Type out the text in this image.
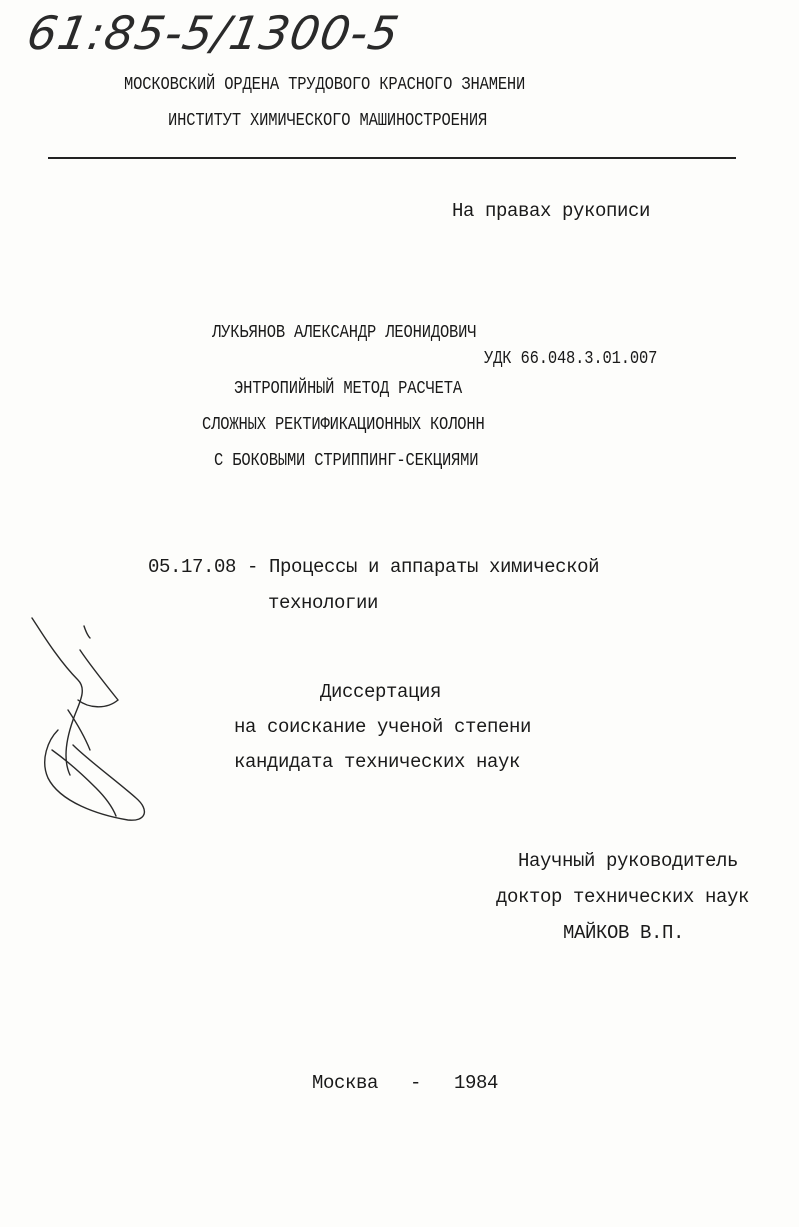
61:85-5/1300-5
МОСКОВСКИЙ ОРДЕНА ТРУДОВОГО КРАСНОГО ЗНАМЕНИ
ИНСТИТУТ ХИМИЧЕСКОГО МАШИНОСТРОЕНИЯ
На правах рукописи
ЛУКЬЯНОВ АЛЕКСАНДР ЛЕОНИДОВИЧ
УДК 66.048.3.01.007
ЭНТРОПИЙНЫЙ МЕТОД РАСЧЕТА
СЛОЖНЫХ РЕКТИФИКАЦИОННЫХ КОЛОНН
С БОКОВЫМИ СТРИППИНГ-СЕКЦИЯМИ
05.17.08 - Процессы и аппараты химической
технологии
Диссертация
на соискание ученой степени
кандидата технических наук
Научный руководитель
доктор технических наук
МАЙКОВ В.П.
Москва - 1984
